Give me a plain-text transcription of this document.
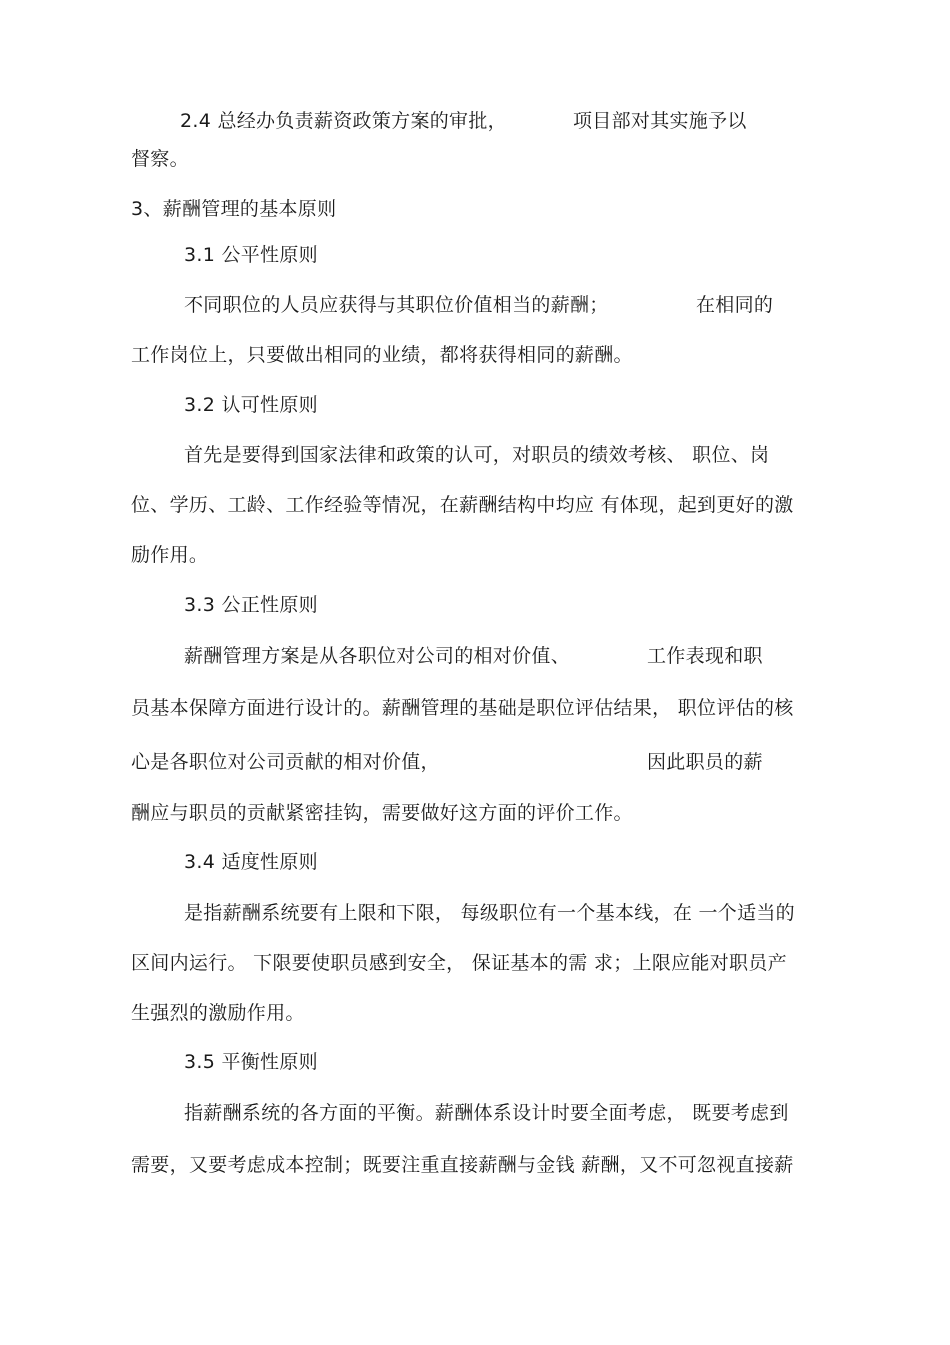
2.4 总经办负责薪资政策方案的审批，	项目部对其实施予以
督察。
3、薪酬管理的基本原则
3.1 公平性原则
不同职位的人员应获得与其职位价值相当的薪酬；	在相同的
工作岗位上，只要做出相同的业绩，都将获得相同的薪酬。
3.2 认可性原则
首先是要得到国家法律和政策的认可，对职员的绩效考核、 职位、岗
位、学历、工龄、工作经验等情况，在薪酬结构中均应 有体现，起到更好的激
励作用。
3.3 公正性原则
薪酬管理方案是从各职位对公司的相对价值、	工作表现和职
员基本保障方面进行设计的。薪酬管理的基础是职位评估结果， 职位评估的核
心是各职位对公司贡献的相对价值，	因此职员的薪
酬应与职员的贡献紧密挂钩，需要做好这方面的评价工作。
3.4 适度性原则
是指薪酬系统要有上限和下限， 每级职位有一个基本线，在 一个适当的
区间内运行。 下限要使职员感到安全， 保证基本的需 求；上限应能对职员产
生强烈的激励作用。
3.5 平衡性原则
指薪酬系统的各方面的平衡。薪酬体系设计时要全面考虑， 既要考虑到
需要，又要考虑成本控制；既要注重直接薪酬与金钱 薪酬，又不可忽视直接薪
